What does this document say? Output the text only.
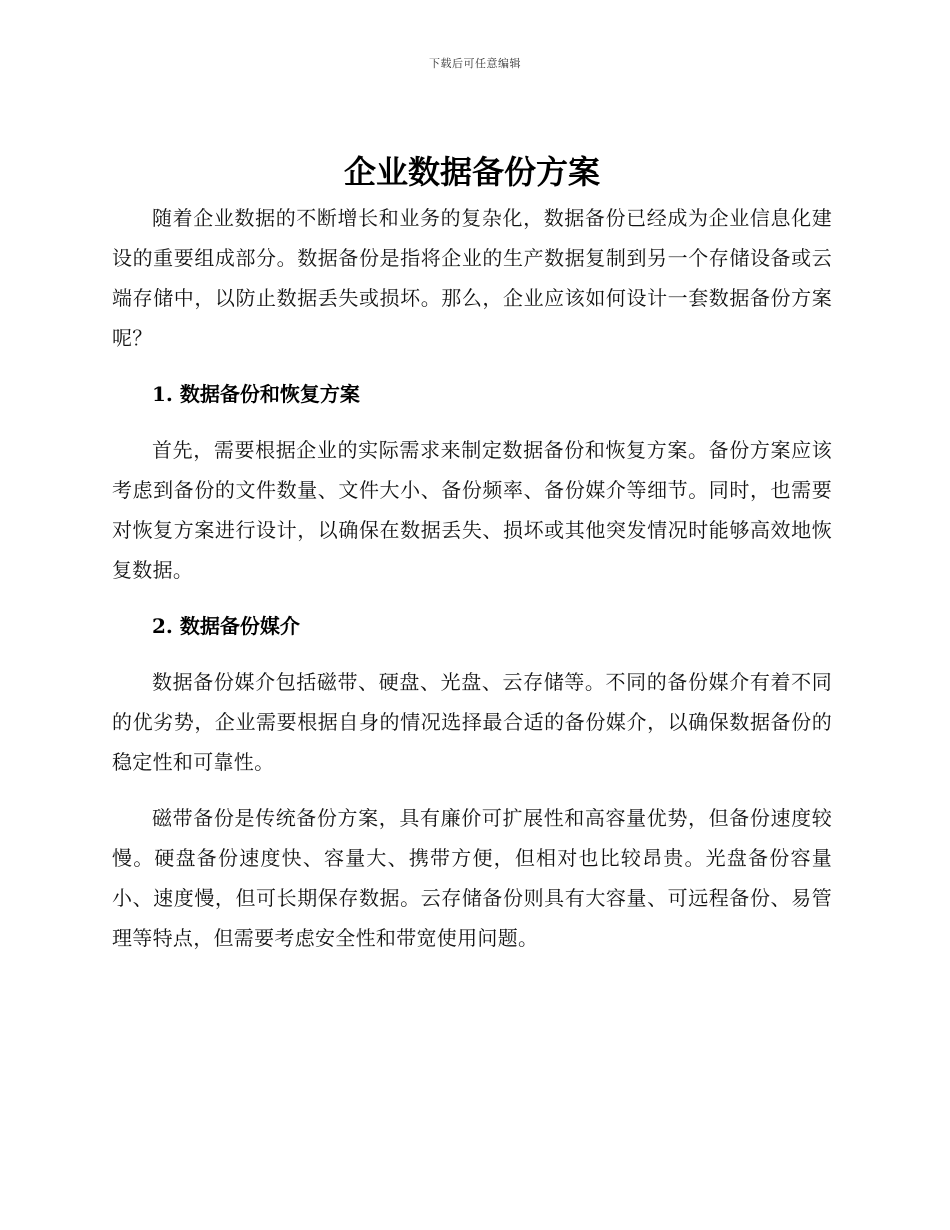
下载后可任意编辑
企业数据备份方案

随着企业数据的不断增长和业务的复杂化，数据备份已经成为企业信息化建设的重要组成部分。数据备份是指将企业的生产数据复制到另一个存储设备或云端存储中，以防止数据丢失或损坏。那么，企业应该如何设计一套数据备份方案呢？

1. 数据备份和恢复方案

首先，需要根据企业的实际需求来制定数据备份和恢复方案。备份方案应该考虑到备份的文件数量、文件大小、备份频率、备份媒介等细节。同时，也需要对恢复方案进行设计，以确保在数据丢失、损坏或其他突发情况时能够高效地恢复数据。

2. 数据备份媒介

数据备份媒介包括磁带、硬盘、光盘、云存储等。不同的备份媒介有着不同的优劣势，企业需要根据自身的情况选择最合适的备份媒介，以确保数据备份的稳定性和可靠性。

磁带备份是传统备份方案，具有廉价可扩展性和高容量优势，但备份速度较慢。硬盘备份速度快、容量大、携带方便，但相对也比较昂贵。光盘备份容量小、速度慢，但可长期保存数据。云存储备份则具有大容量、可远程备份、易管理等特点，但需要考虑安全性和带宽使用问题。
